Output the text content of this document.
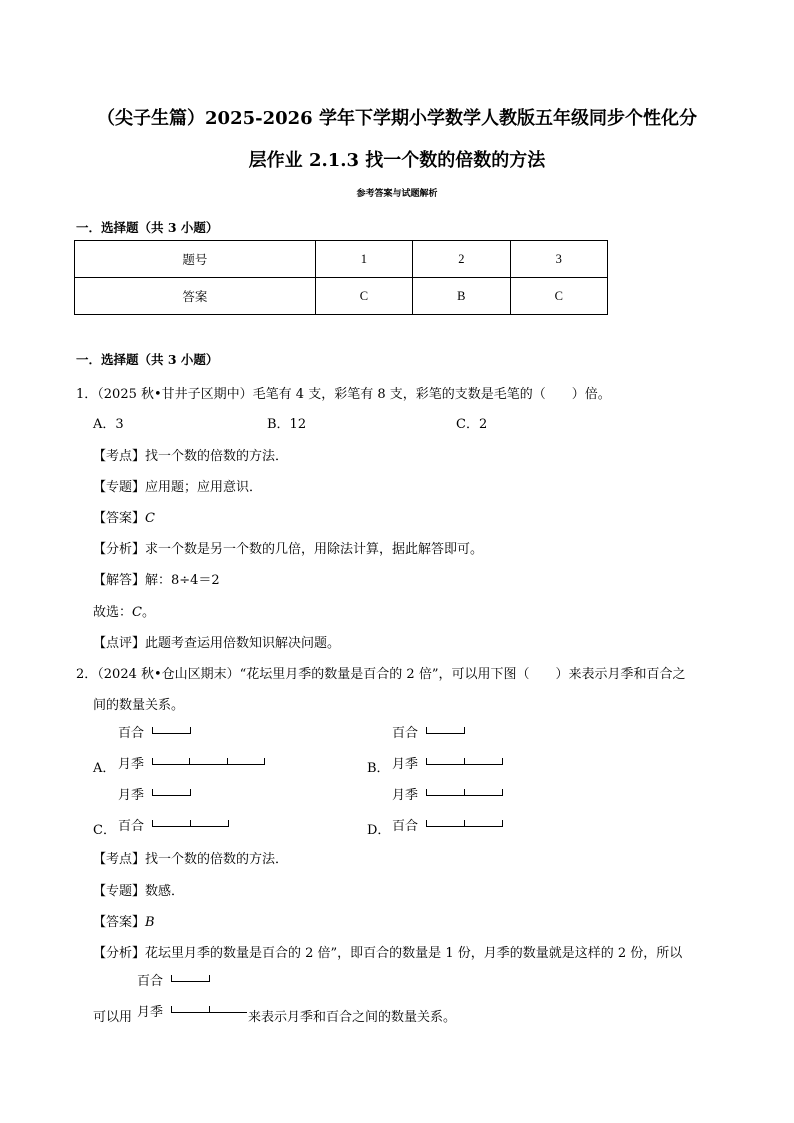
（尖子生篇）2025-2026 学年下学期小学数学人教版五年级同步个性化分
层作业 2.1.3 找一个数的倍数的方法
参考答案与试题解析
一．选择题（共 3 小题）
题号	1	2	3
答案	C	B	C
一．选择题（共 3 小题）
1．（2025 秋•甘井子区期中）毛笔有 4 支，彩笔有 8 支，彩笔的支数是毛笔的（　　）倍。
A．3	B．12	C．2
【考点】找一个数的倍数的方法．
【专题】应用题；应用意识．
【答案】C
【分析】求一个数是另一个数的几倍，用除法计算，据此解答即可。
【解答】解：8÷4＝2
故选：C。
【点评】此题考查运用倍数知识解决问题。
2．（2024 秋•仓山区期末）“花坛里月季的数量是百合的 2 倍”，可以用下图（　　）来表示月季和百合之
间的数量关系。
百合
A． 月季
百合
B． 月季
月季
C． 百合
月季
D． 百合
【考点】找一个数的倍数的方法．
【专题】数感．
【答案】B
【分析】花坛里月季的数量是百合的 2 倍”，即百合的数量是 1 份，月季的数量就是这样的 2 份，所以
百合
可以用 月季	来表示月季和百合之间的数量关系。
